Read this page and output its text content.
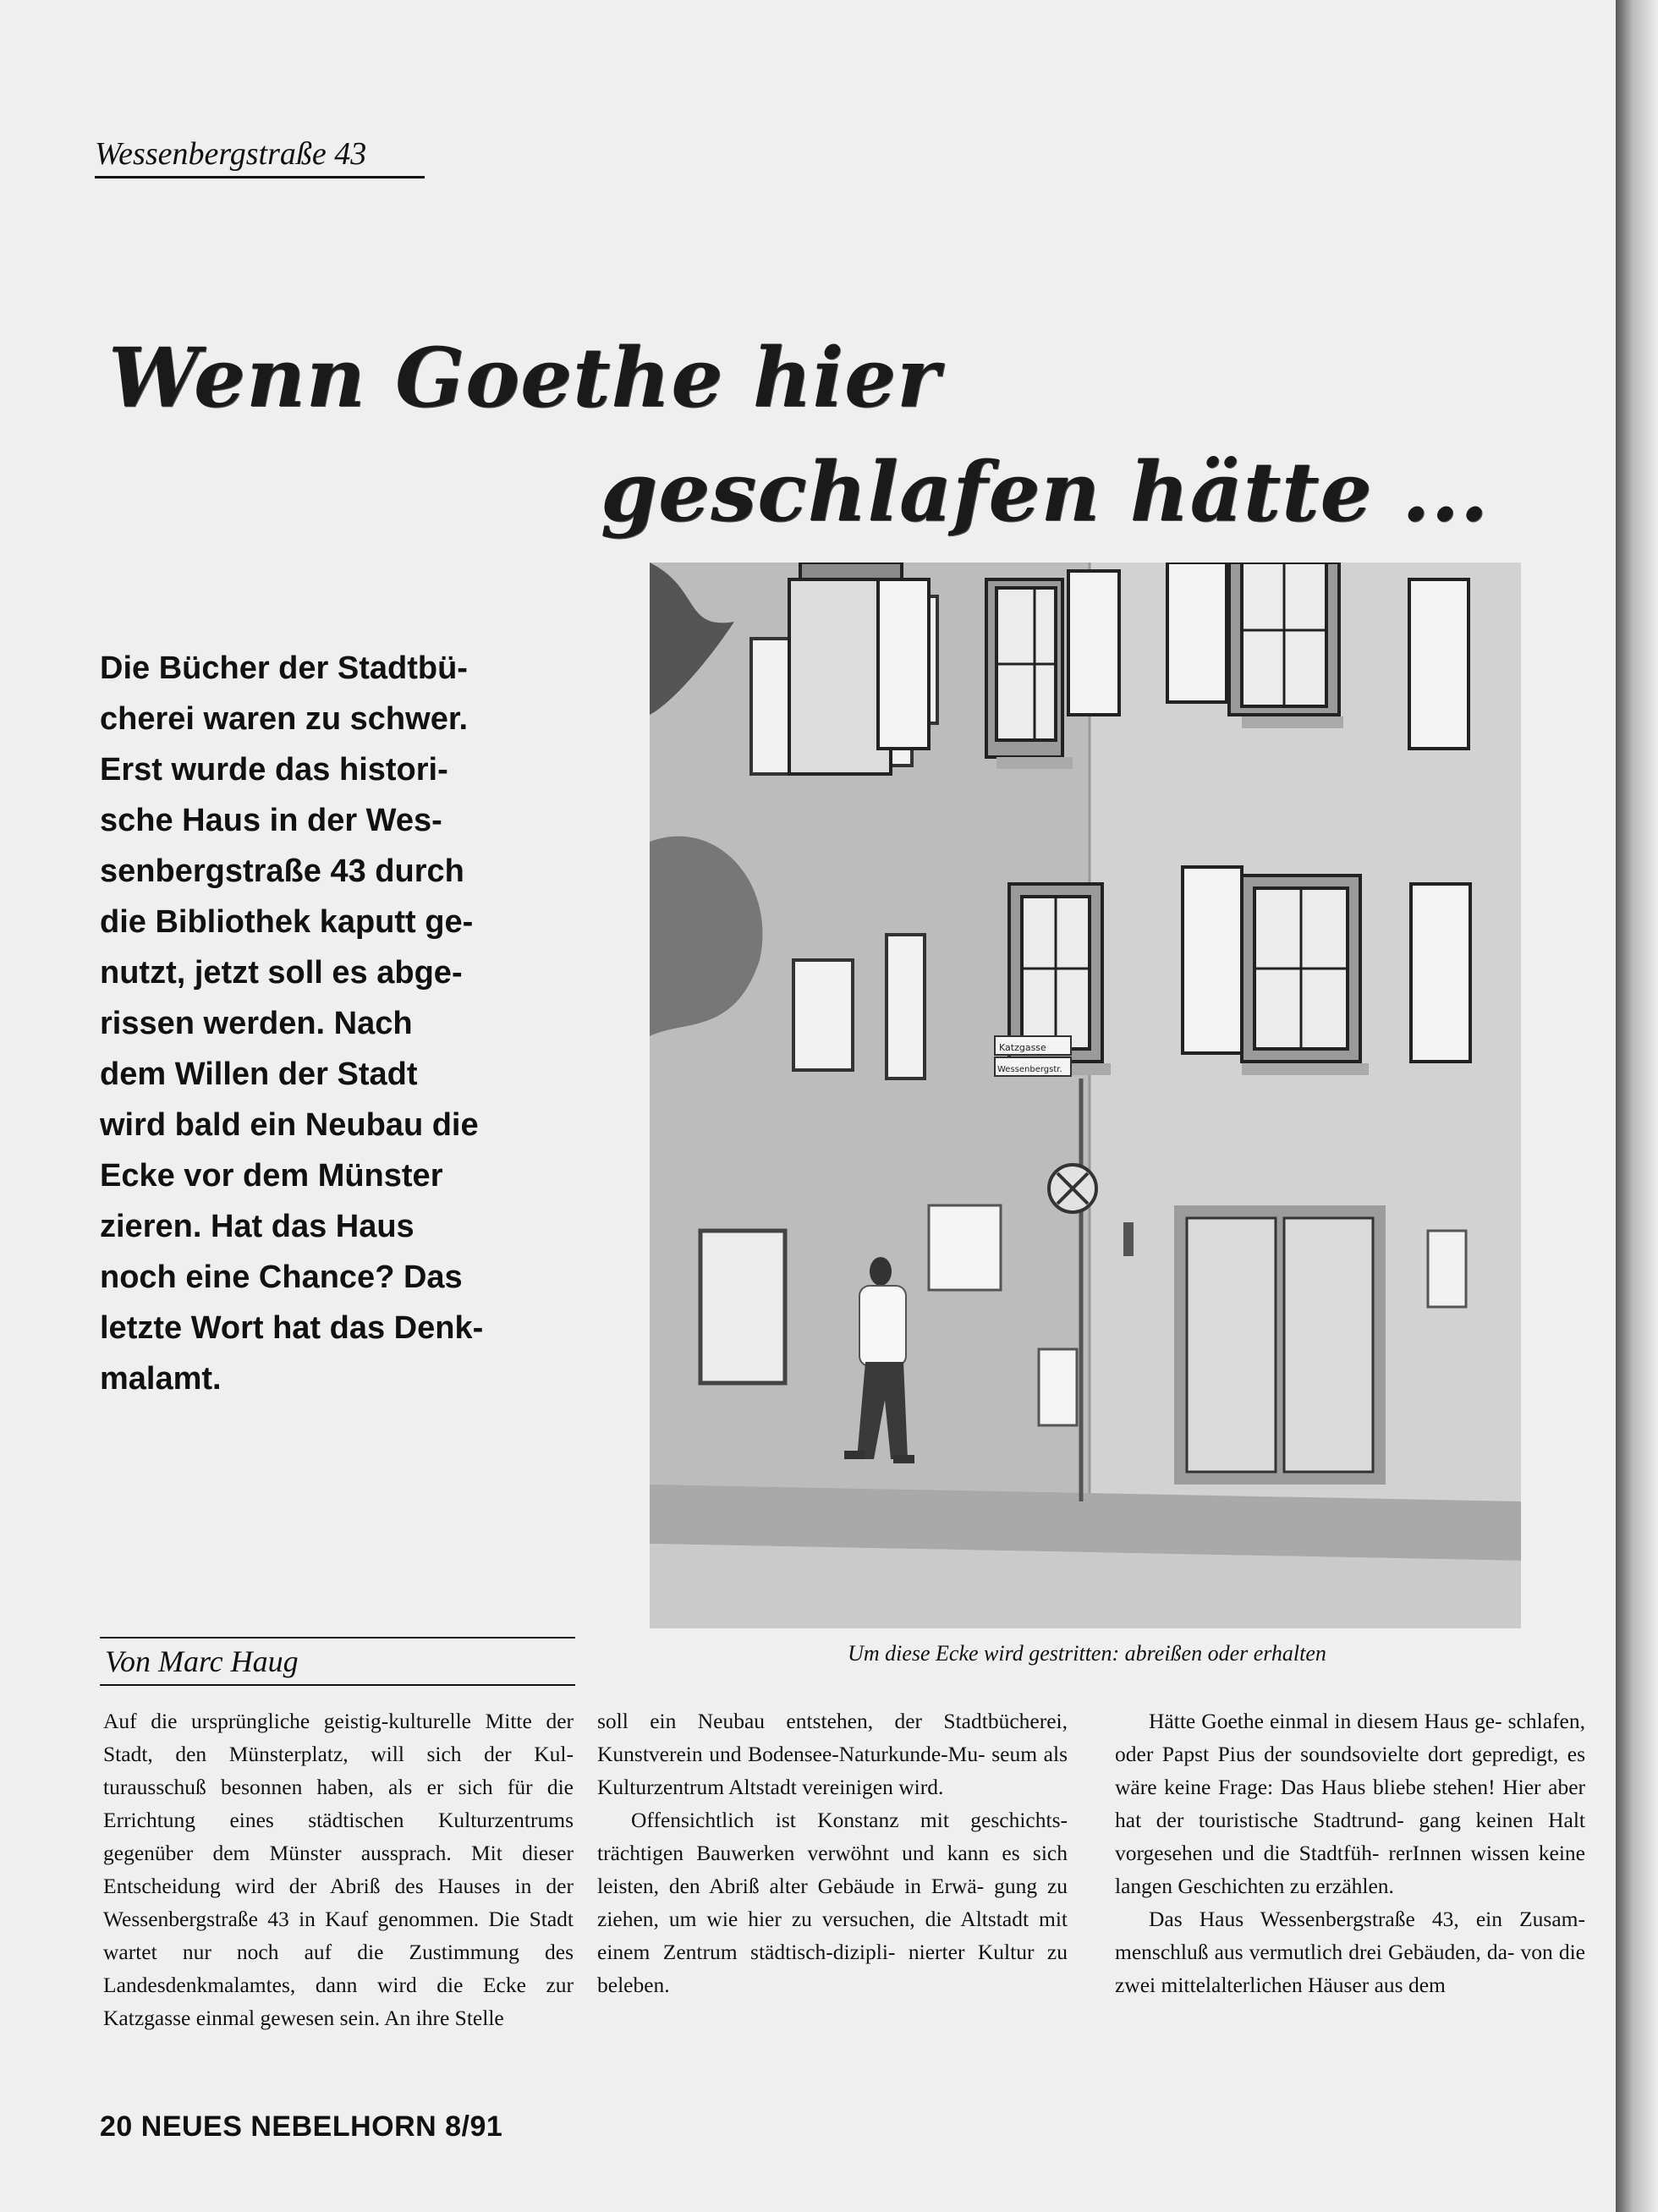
Wessenbergstraße 43
Wenn Goethe hier
geschlafen hätte ...

Die Bücher der Stadtbü-
cherei waren zu schwer.
Erst wurde das histori-
sche Haus in der Wes-
senbergstraße 43 durch
die Bibliothek kaputt ge-
nutzt, jetzt soll es abge-
rissen werden. Nach
dem Willen der Stadt
wird bald ein Neubau die
Ecke vor dem Münster
zieren. Hat das Haus
noch eine Chance? Das
letzte Wort hat das Denk-
malamt.

Katzgasse
Wessenbergstr.
Um diese Ecke wird gestritten: abreißen oder erhalten
Von Marc Haug

Auf die ursprüngliche geistig-kulturelle Mitte der Stadt, den Münsterplatz, will sich der Kul- turausschuß besonnen haben, als er sich für die Errichtung eines städtischen Kulturzentrums gegenüber dem Münster aussprach. Mit dieser Entscheidung wird der Abriß des Hauses in der Wessenbergstraße 43 in Kauf genommen. Die Stadt wartet nur noch auf die Zustimmung des Landesdenkmalamtes, dann wird die Ecke zur Katzgasse einmal gewesen sein. An ihre Stelle

soll ein Neubau entstehen, der Stadtbücherei, Kunstverein und Bodensee-Naturkunde-Mu- seum als Kulturzentrum Altstadt vereinigen wird.

Offensichtlich ist Konstanz mit geschichts- trächtigen Bauwerken verwöhnt und kann es sich leisten, den Abriß alter Gebäude in Erwä- gung zu ziehen, um wie hier zu versuchen, die Altstadt mit einem Zentrum städtisch-dizipli- nierter Kultur zu beleben.

Hätte Goethe einmal in diesem Haus ge- schlafen, oder Papst Pius der soundsovielte dort gepredigt, es wäre keine Frage: Das Haus bliebe stehen! Hier aber hat der touristische Stadtrund- gang keinen Halt vorgesehen und die Stadtfüh- rerInnen wissen keine langen Geschichten zu erzählen.

Das Haus Wessenbergstraße 43, ein Zusam- menschluß aus vermutlich drei Gebäuden, da- von die zwei mittelalterlichen Häuser aus dem

20 NEUES NEBELHORN 8/91
